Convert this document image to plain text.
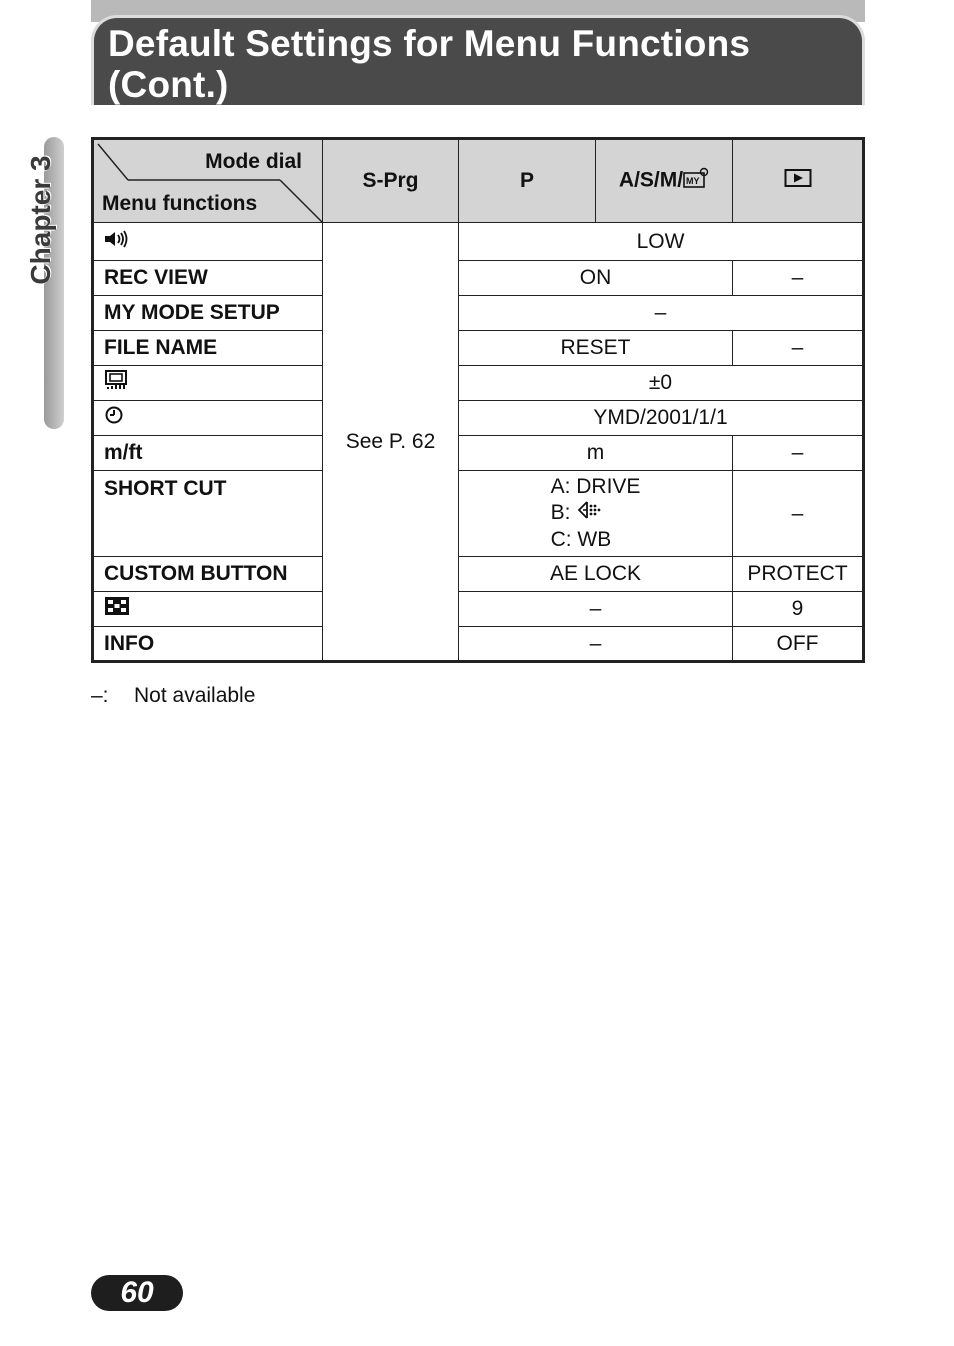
Default Settings for Menu Functions (Cont.)
Chapter 3	Mode dial
Menu functions	S-Prg	P	A/S/M/ MY

	See P. 62	LOW		
REC VIEW		ON		–
MY MODE SETUP		–		
FILE NAME		RESET		–
	±0		
	YMD/2001/1/1		
m/ft		m		–
SHORT CUT		A: DRIVE
B:
C: WB		–
CUSTOM BUTTON		AE LOCK		PROTECT
	–		9
INFO		–		OFF
–: Not available
60
